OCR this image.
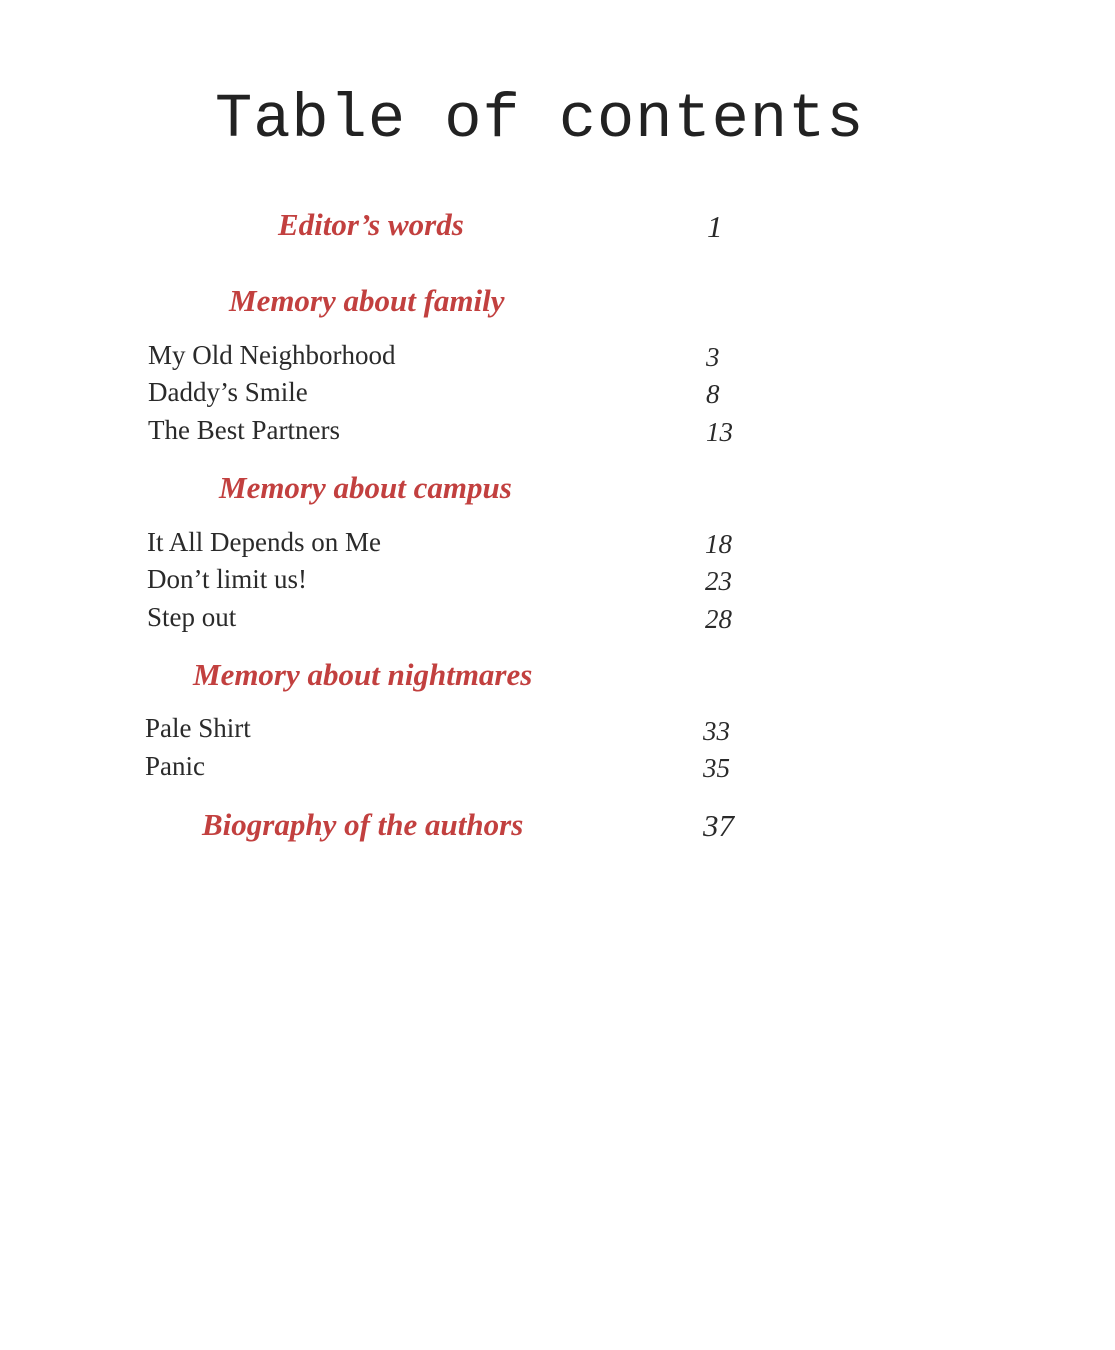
Table of contents
Editor’s words	1
Memory about family
My Old Neighborhood	3
Daddy’s Smile	8
The Best Partners	13
Memory about campus
It All Depends on Me	18
Don’t limit us!	23
Step out	28
Memory about nightmares
Pale Shirt	33
Panic	35
Biography of the authors	37
